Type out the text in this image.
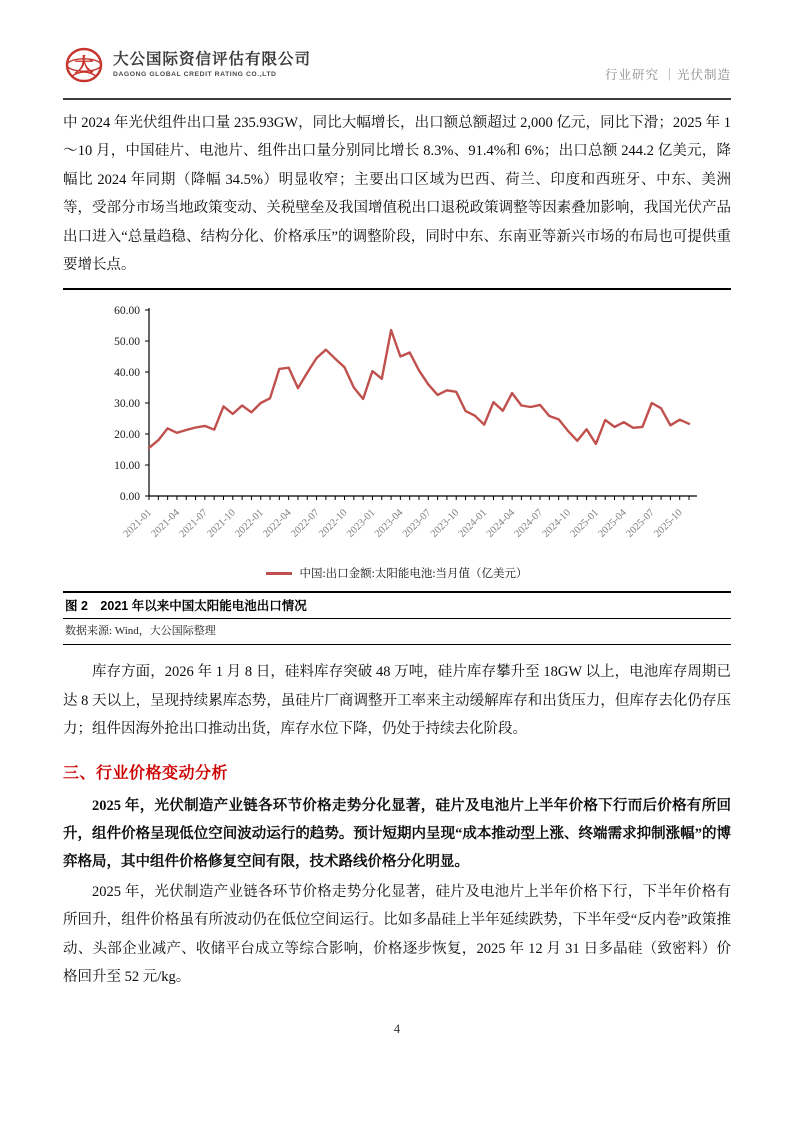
大 大公国际资信评估有限公司
DAGONG GLOBAL CREDIT RATING CO.,LTD	行业研究 ｜光伏制造
中 2024 年光伏组件出口量 235.93GW，同比大幅增长，出口额总额超过 2,000 亿元，同比下滑；2025 年 1～10 月，中国硅片、电池片、组件出口量分别同比增长 8.3%、91.4%和 6%；出口总额 244.2 亿美元，降幅比 2024 年同期（降幅 34.5%）明显收窄；主要出口区域为巴西、荷兰、印度和西班牙、中东、美洲等，受部分市场当地政策变动、关税壁垒及我国增值税出口退税政策调整等因素叠加影响，我国光伏产品出口进入“总量趋稳、结构分化、价格承压”的调整阶段，同时中东、东南亚等新兴市场的布局也可提供重要增长点。
0.00
10.00
20.00
30.00
40.00
50.00
60.00
2021-01
2021-04
2021-07
2021-10
2022-01
2022-04
2022-07
2022-10
2023-01
2023-04
2023-07
2023-10
2024-01
2024-04
2024-07
2024-10
2025-01
2025-04
2025-07
2025-10
中国:出口金额:太阳能电池:当月值（亿美元）
图 2　2021 年以来中国太阳能电池出口情况
数据来源: Wind，大公国际整理
库存方面，2026 年 1 月 8 日，硅料库存突破 48 万吨，硅片库存攀升至 18GW 以上，电池库存周期已达 8 天以上，呈现持续累库态势，虽硅片厂商调整开工率来主动缓解库存和出货压力，但库存去化仍存压力；组件因海外抢出口推动出货，库存水位下降，仍处于持续去化阶段。
三、行业价格变动分析
2025 年，光伏制造产业链各环节价格走势分化显著，硅片及电池片上半年价格下行而后价格有所回升，组件价格呈现低位空间波动运行的趋势。预计短期内呈现“成本推动型上涨、终端需求抑制涨幅”的博弈格局，其中组件价格修复空间有限，技术路线价格分化明显。
2025 年，光伏制造产业链各环节价格走势分化显著，硅片及电池片上半年价格下行，下半年价格有所回升，组件价格虽有所波动仍在低位空间运行。比如多晶硅上半年延续跌势，下半年受“反内卷”政策推动、头部企业减产、收储平台成立等综合影响，价格逐步恢复，2025 年 12 月 31 日多晶硅（致密料）价格回升至 52 元/kg。
4
